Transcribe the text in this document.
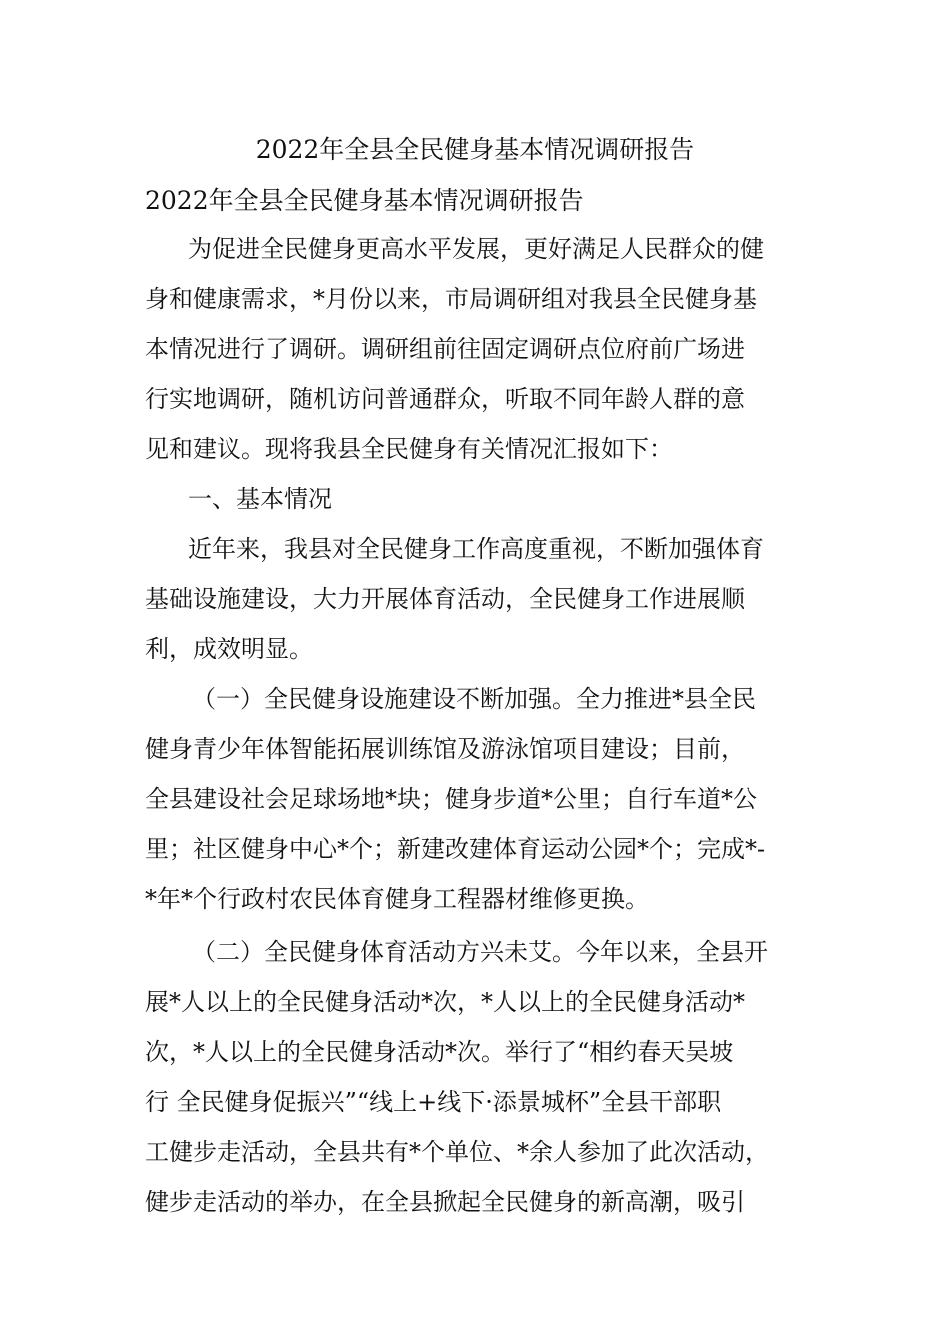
2022年全县全民健身基本情况调研报告
2022年全县全民健身基本情况调研报告

为促进全民健身更高水平发展，更好满足人民群众的健

身和健康需求，*月份以来，市局调研组对我县全民健身基

本情况进行了调研。调研组前往固定调研点位府前广场进

行实地调研，随机访问普通群众，听取不同年龄人群的意

见和建议。现将我县全民健身有关情况汇报如下：

一、基本情况

近年来，我县对全民健身工作高度重视，不断加强体育

基础设施建设，大力开展体育活动，全民健身工作进展顺

利，成效明显。

（一）全民健身设施建设不断加强。全力推进*县全民

健身青少年体智能拓展训练馆及游泳馆项目建设；目前，

全县建设社会足球场地*块；健身步道*公里；自行车道*公

里；社区健身中心*个；新建改建体育运动公园*个；完成*-

*年*个行政村农民体育健身工程器材维修更换。

（二）全民健身体育活动方兴未艾。今年以来，全县开

展*人以上的全民健身活动*次，*人以上的全民健身活动*

次，*人以上的全民健身活动*次。举行了“相约春天吴坡

行 全民健身促振兴”“线上+线下·添景城杯”全县干部职

工健步走活动，全县共有*个单位、*余人参加了此次活动，

健步走活动的举办，在全县掀起全民健身的新高潮，吸引
